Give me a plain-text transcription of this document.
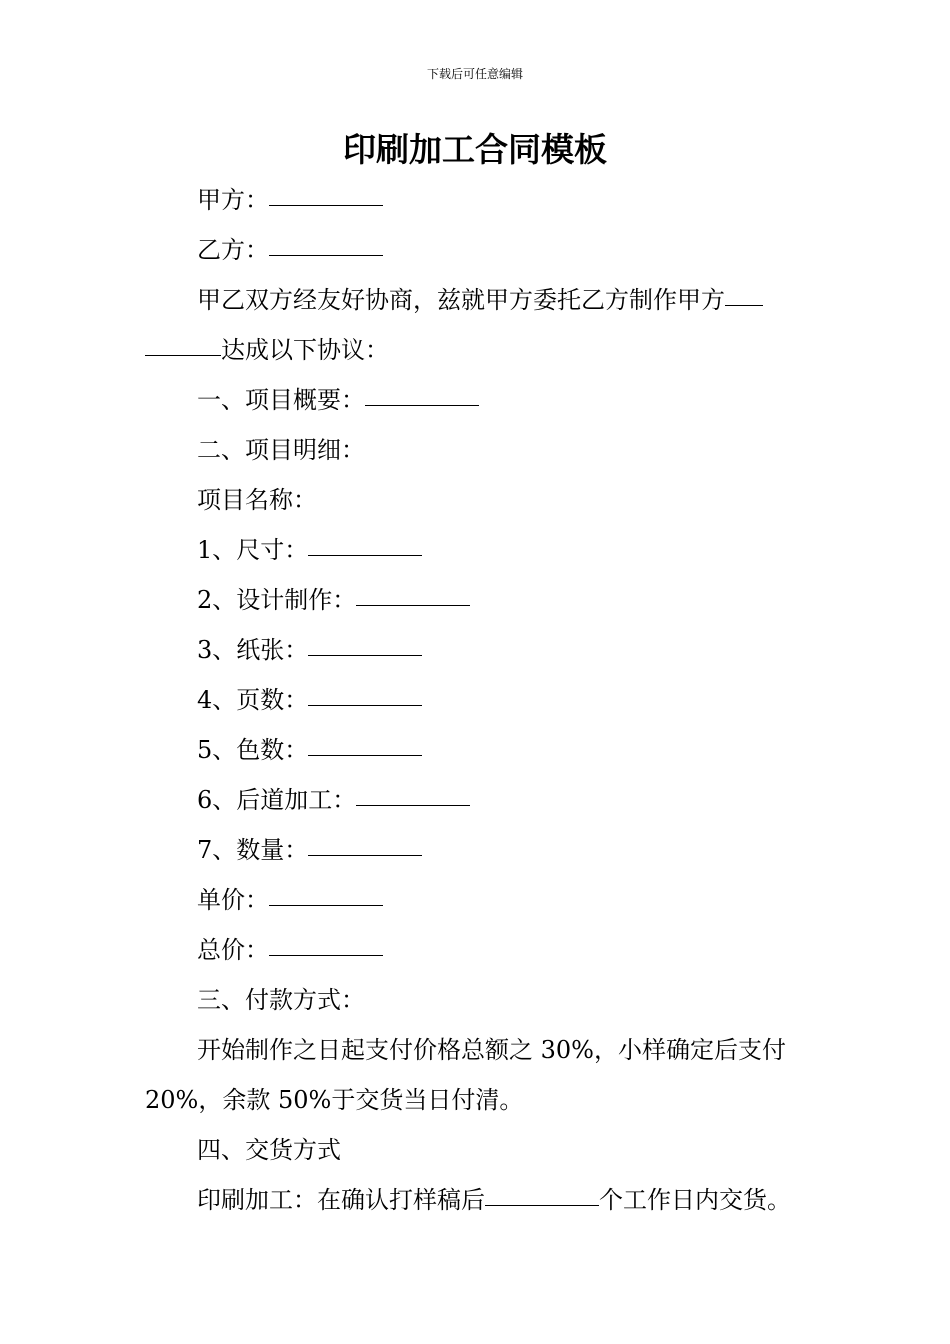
下载后可任意编辑
印刷加工合同模板
甲方：
乙方：
甲乙双方经友好协商，兹就甲方委托乙方制作甲方
达成以下协议：
一、项目概要：
二、项目明细：
项目名称：
1、尺寸：
2、设计制作：
3、纸张：
4、页数：
5、色数：
6、后道加工：
7、数量：
单价：
总价：
三、付款方式：
开始制作之日起支付价格总额之 30%，小样确定后支付
20%，余款 50%于交货当日付清。
四、交货方式
印刷加工：在确认打样稿后	个工作日内交货。
